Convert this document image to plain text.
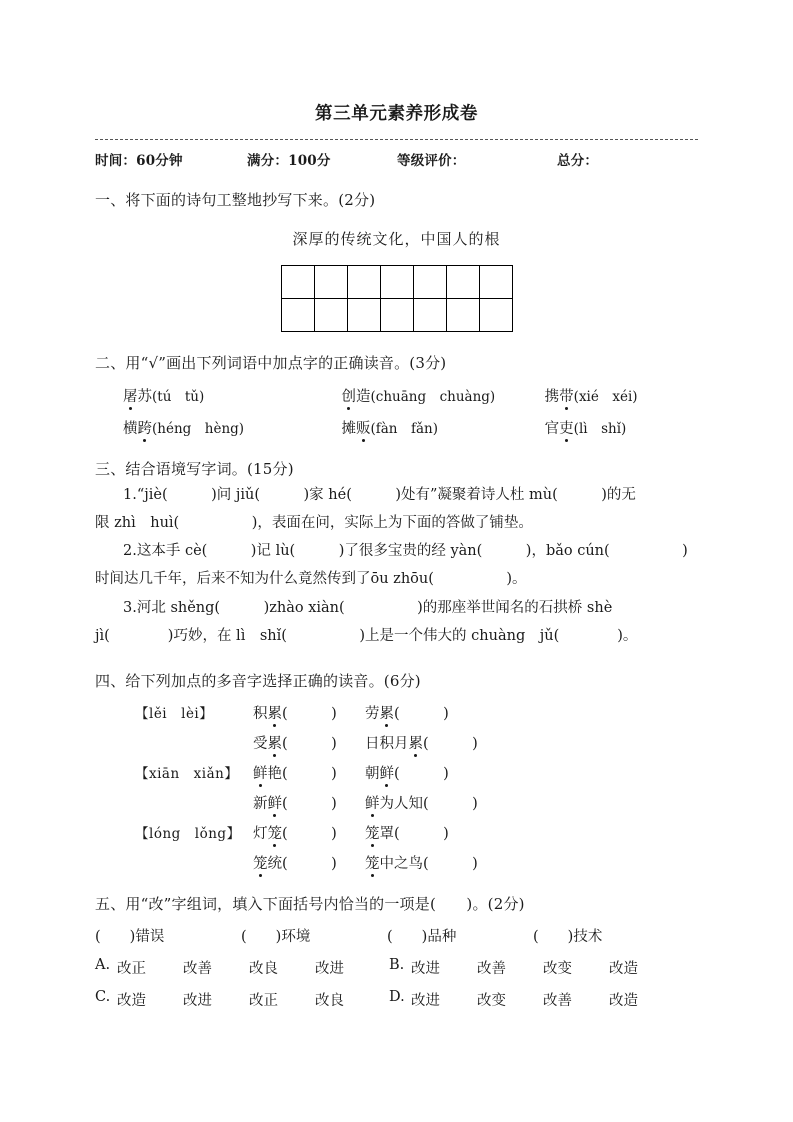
第三单元素养形成卷
时间：60分钟	满分：100分	等级评价：	总分：
一、将下面的诗句工整地抄写下来。(2分)
深厚的传统文化，中国人的根

二、用“√”画出下列词语中加点字的正确读音。(3分)
屠苏(tú　tǔ)	创造(chuāng　chuàng)	携带(xié　xéi)
横跨(héng　hèng)	摊贩(fàn　fǎn)	官吏(lì　shǐ)
三、结合语境写字词。(15分)
1.“jiè(　　　)问 jiǔ(　　　)家 hé(　　　)处有”凝聚着诗人杜 mù(　　　)的无
限 zhì　huì(　　　　　)，表面在问，实际上为下面的答做了铺垫。
2.这本手 cè(　　　)记 lù(　　　)了很多宝贵的经 yàn(　　　)，bǎo cún(　　　　　)
时间达几千年，后来不知为什么竟然传到了ōu zhōu(　　　　　)。
3.河北 shěng(　　　)zhào xiàn(　　　　　)的那座举世闻名的石拱桥 shè
jì(　　　　)巧妙，在 lì　shǐ(　　　　　)上是一个伟大的 chuàng　jǔ(　　　　)。
四、给下列加点的多音字选择正确的读音。(6分)
【lěi　lèi】	积累(　　　)	劳累(　　　)
受累(　　　)	日积月累(　　　)
【xiān　xiǎn】	鲜艳(　　　)	朝鲜(　　　)
新鲜(　　　)	鲜为人知(　　　)
【lóng　lǒng】 灯笼(　　　)	笼罩(　　　)
笼统(　　　)	笼中之鸟(　　　)
五、用“改”字组词，填入下面括号内恰当的一项是(　　)。(2分)
(　　)错误	(　　)环境	(　　)品种	(　　)技术
A. 改正	改善	改良	改进	B. 改进	改善	改变	改造
C. 改造	改进	改正	改良	D. 改进	改变	改善	改造
